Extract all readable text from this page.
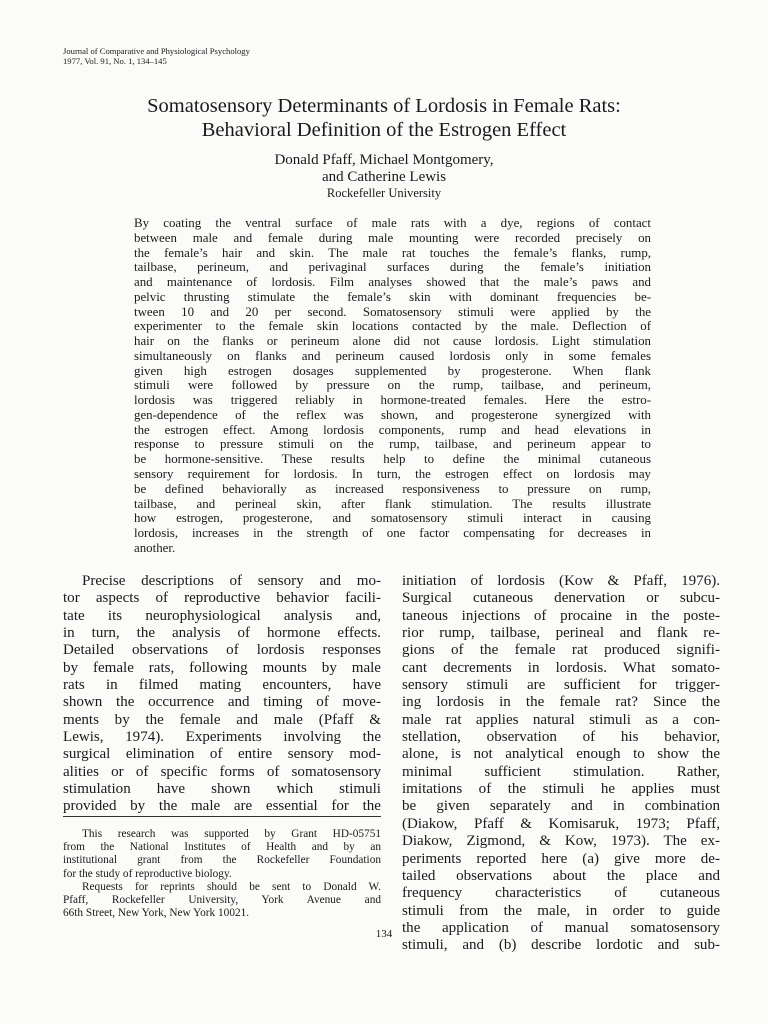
Journal of Comparative and Physiological Psychology
1977, Vol. 91, No. 1, 134–145
Somatosensory Determinants of Lordosis in Female Rats:
Behavioral Definition of the Estrogen Effect
Donald Pfaff, Michael Montgomery,
and Catherine Lewis
Rockefeller University
By coating the ventral surface of male rats with a dye, regions of contact
between male and female during male mounting were recorded precisely on
the female’s hair and skin. The male rat touches the female’s flanks, rump,
tailbase, perineum, and perivaginal surfaces during the female’s initiation
and maintenance of lordosis. Film analyses showed that the male’s paws and
pelvic thrusting stimulate the female’s skin with dominant frequencies be-
tween 10 and 20 per second. Somatosensory stimuli were applied by the
experimenter to the female skin locations contacted by the male. Deflection of
hair on the flanks or perineum alone did not cause lordosis. Light stimulation
simultaneously on flanks and perineum caused lordosis only in some females
given high estrogen dosages supplemented by progesterone. When flank
stimuli were followed by pressure on the rump, tailbase, and perineum,
lordosis was triggered reliably in hormone-treated females. Here the estro-
gen-dependence of the reflex was shown, and progesterone synergized with
the estrogen effect. Among lordosis components, rump and head elevations in
response to pressure stimuli on the rump, tailbase, and perineum appear to
be hormone-sensitive. These results help to define the minimal cutaneous
sensory requirement for lordosis. In turn, the estrogen effect on lordosis may
be defined behaviorally as increased responsiveness to pressure on rump,
tailbase, and perineal skin, after flank stimulation. The results illustrate
how estrogen, progesterone, and somatosensory stimuli interact in causing
lordosis, increases in the strength of one factor compensating for decreases in
another.
Precise descriptions of sensory and mo-
tor aspects of reproductive behavior facili-
tate its neurophysiological analysis and,
in turn, the analysis of hormone effects.
Detailed observations of lordosis responses
by female rats, following mounts by male
rats in filmed mating encounters, have
shown the occurrence and timing of move-
ments by the female and male (Pfaff &
Lewis, 1974). Experiments involving the
surgical elimination of entire sensory mod-
alities or of specific forms of somatosensory
stimulation have shown which stimuli
provided by the male are essential for the
initiation of lordosis (Kow & Pfaff, 1976).
Surgical cutaneous denervation or subcu-
taneous injections of procaine in the poste-
rior rump, tailbase, perineal and flank re-
gions of the female rat produced signifi-
cant decrements in lordosis. What somato-
sensory stimuli are sufficient for trigger-
ing lordosis in the female rat? Since the
male rat applies natural stimuli as a con-
stellation, observation of his behavior,
alone, is not analytical enough to show the
minimal sufficient stimulation. Rather,
imitations of the stimuli he applies must
be given separately and in combination
(Diakow, Pfaff & Komisaruk, 1973; Pfaff,
Diakow, Zigmond, & Kow, 1973). The ex-
periments reported here (a) give more de-
tailed observations about the place and
frequency characteristics of cutaneous
stimuli from the male, in order to guide
the application of manual somatosensory
stimuli, and (b) describe lordotic and sub-
This research was supported by Grant HD-05751
from the National Institutes of Health and by an
institutional grant from the Rockefeller Foundation
for the study of reproductive biology.
Requests for reprints should be sent to Donald W.
Pfaff, Rockefeller University, York Avenue and
66th Street, New York, New York 10021.
134
